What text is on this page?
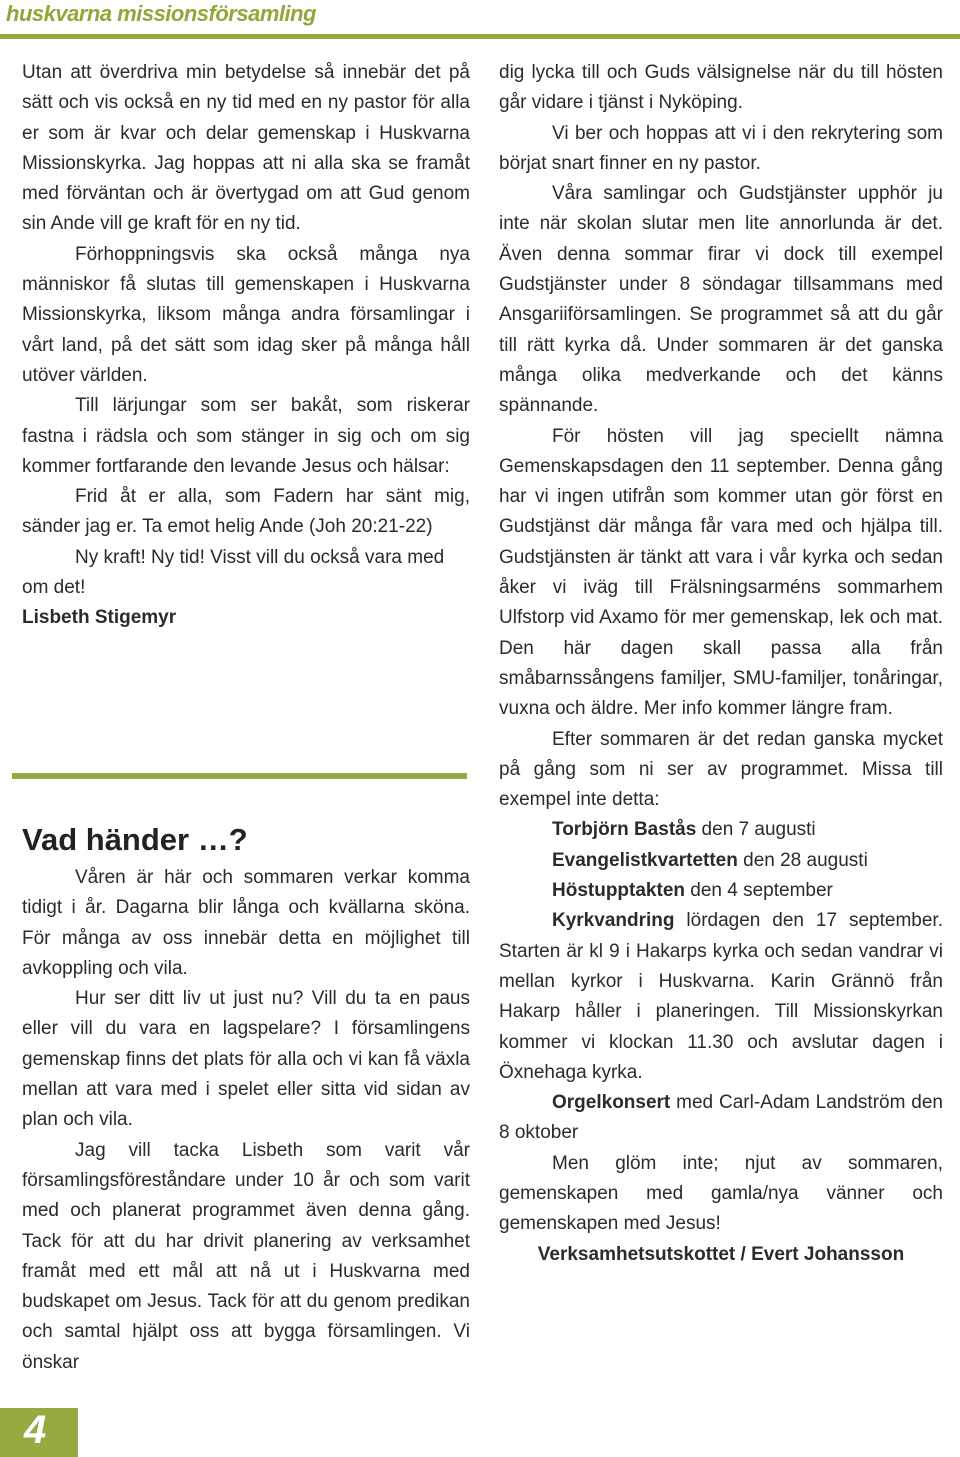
huskvarna missionsförsamling

Utan att överdriva min betydelse så innebär det på sätt och vis också en ny tid med en ny pastor för alla er som är kvar och delar gemenskap i Huskvarna Missionskyrka. Jag hoppas att ni alla ska se framåt med förväntan och är övertygad om att Gud genom sin Ande vill ge kraft för en ny tid.

Förhoppningsvis ska också många nya människor få slutas till gemenskapen i Huskvarna Missionskyrka, liksom många andra församlingar i vårt land, på det sätt som idag sker på många håll utöver världen.

Till lärjungar som ser bakåt, som riskerar fastna i rädsla och som stänger in sig och om sig kommer fortfarande den levande Jesus och hälsar:

Frid åt er alla, som Fadern har sänt mig, sänder jag er. Ta emot helig Ande (Joh 20:21-22)

Ny kraft! Ny tid! Visst vill du också vara med om det!

Lisbeth Stigemyr

Vad händer …?

Våren är här och sommaren verkar komma tidigt i år. Dagarna blir långa och kvällarna sköna. För många av oss innebär detta en möjlighet till avkoppling och vila.

Hur ser ditt liv ut just nu? Vill du ta en paus eller vill du vara en lagspelare? I församlingens gemenskap finns det plats för alla och vi kan få växla mellan att vara med i spelet eller sitta vid sidan av plan och vila.

Jag vill tacka Lisbeth som varit vår församlingsföreståndare under 10 år och som varit med och planerat programmet även denna gång. Tack för att du har drivit planering av verksamhet framåt med ett mål att nå ut i Huskvarna med budskapet om Jesus. Tack för att du genom predikan och samtal hjälpt oss att bygga församlingen. Vi önskar

dig lycka till och Guds välsignelse när du till hösten går vidare i tjänst i Nyköping.

Vi ber och hoppas att vi i den rekrytering som börjat snart finner en ny pastor.

Våra samlingar och Gudstjänster upphör ju inte när skolan slutar men lite annorlunda är det. Även denna sommar firar vi dock till exempel Gudstjänster under 8 söndagar tillsammans med Ansgariiförsamlingen. Se programmet så att du går till rätt kyrka då. Under sommaren är det ganska många olika medverkande och det känns spännande.

För hösten vill jag speciellt nämna Gemenskapsdagen den 11 september. Denna gång har vi ingen utifrån som kommer utan gör först en Gudstjänst där många får vara med och hjälpa till. Gudstjänsten är tänkt att vara i vår kyrka och sedan åker vi iväg till Frälsningsarméns sommarhem Ulfstorp vid Axamo för mer gemenskap, lek och mat. Den här dagen skall passa alla från småbarnssångens familjer, SMU-familjer, tonåringar, vuxna och äldre. Mer info kommer längre fram.

Efter sommaren är det redan ganska mycket på gång som ni ser av programmet. Missa till exempel inte detta:

Torbjörn Bastås den 7 augusti

Evangelistkvartetten den 28 augusti

Höstupptakten den 4 september

Kyrkvandring lördagen den 17 september. Starten är kl 9 i Hakarps kyrka och sedan vandrar vi mellan kyrkor i Huskvarna. Karin Grännö från Hakarp håller i planeringen. Till Missionskyrkan kommer vi klockan 11.30 och avslutar dagen i Öxnehaga kyrka.

Orgelkonsert med Carl-Adam Landström den 8 oktober

Men glöm inte; njut av sommaren, gemenskapen med gamla/nya vänner och gemenskapen med Jesus!

Verksamhetsutskottet / Evert Johansson

4
